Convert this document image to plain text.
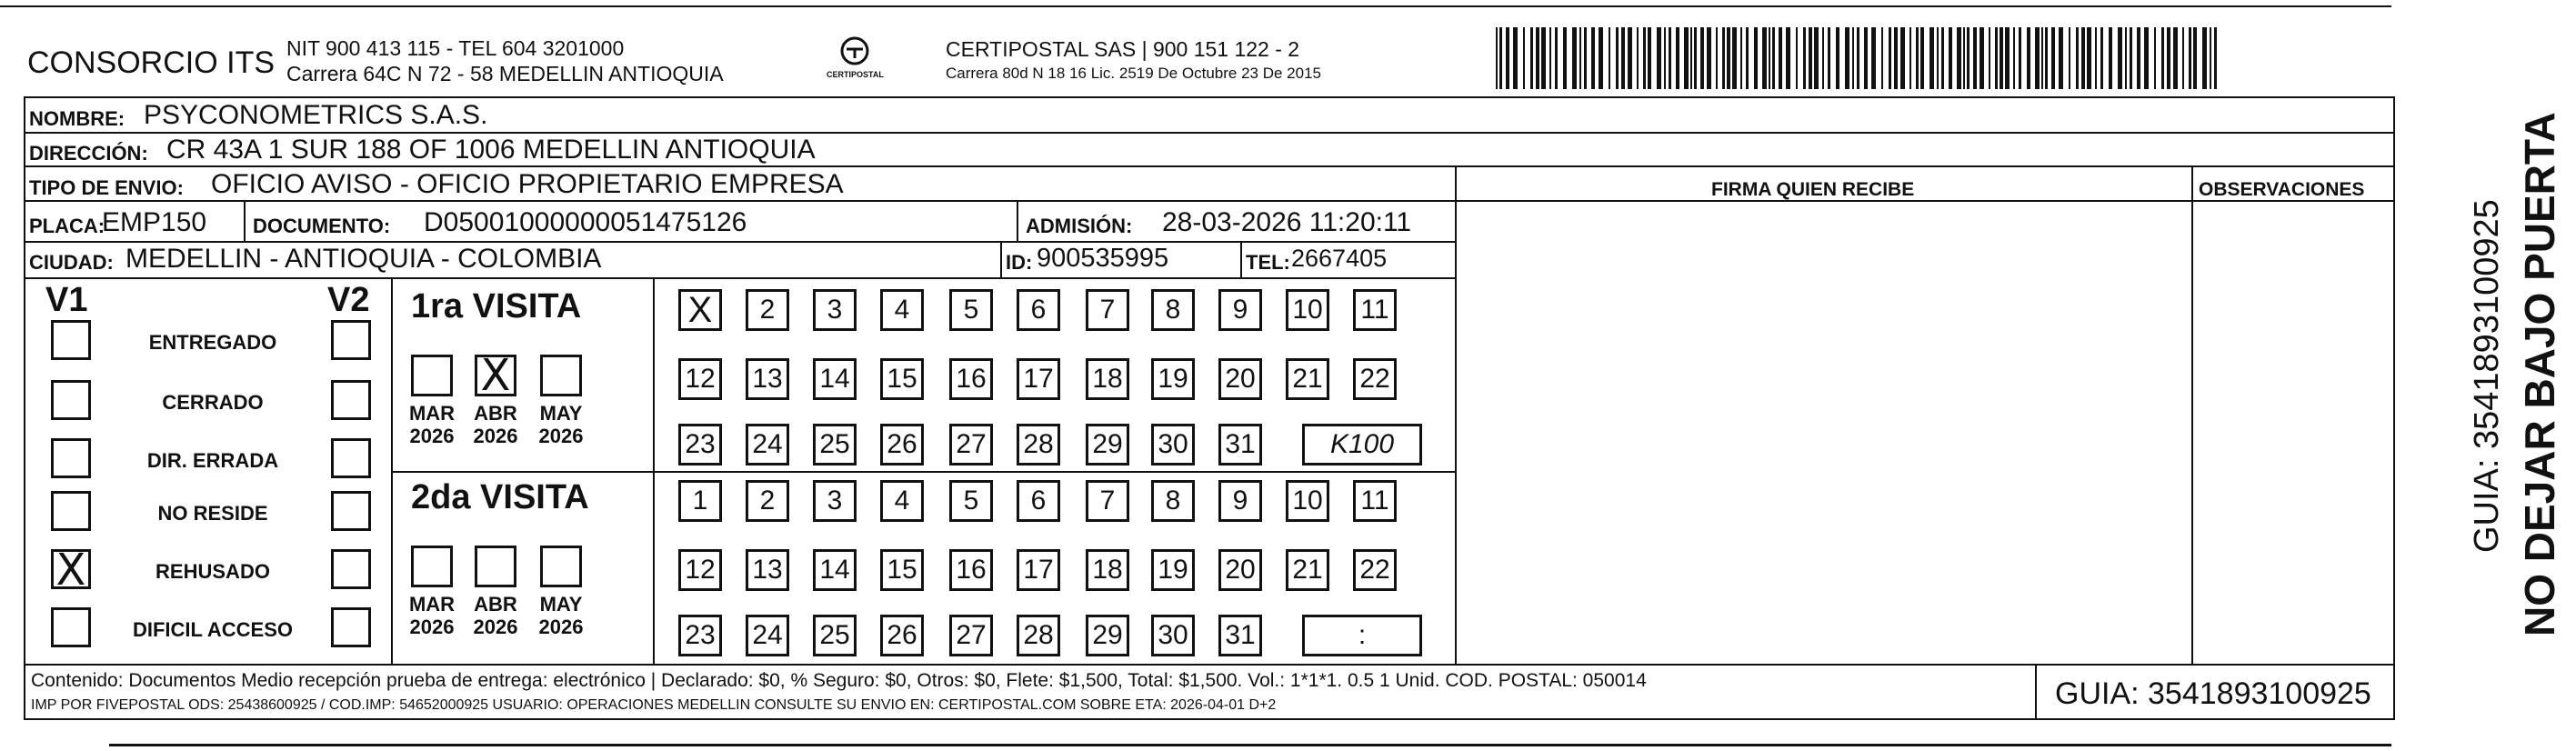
CONSORCIO ITS NIT 900 413 115 - TEL 604 3201000
Carrera 64C N 72 - 58 MEDELLIN ANTIOQUIA	CERTIPOSTAL
CERTIPOSTAL SAS | 900 151 122 - 2
Carrera 80d N 18 16 Lic. 2519 De Octubre 23 De 2015
NOMBRE: PSYCONOMETRICS S.A.S.
DIRECCIÓN: CR 43A 1 SUR 188 OF 1006 MEDELLIN ANTIOQUIA
TIPO DE ENVIO: OFICIO AVISO - OFICIO PROPIETARIO EMPRESA	FIRMA QUIEN RECIBE	OBSERVACIONES
PLACA:
EMP150 DOCUMENTO: D05001000000051475126	ADMISIÓN: 28-03-2026 11:20:11
CIUDAD: MEDELLIN - ANTIOQUIA - COLOMBIA	ID: 900535995	TEL: 2667405
V1	V2
ENTREGADO
CERRADO
DIR. ERRADA
NO RESIDE
X	REHUSADO
DIFICIL ACCESO
1ra VISITA
2da VISITA
MAR
2026
X
ABR
2026
MAY
2026
X	2	3	4	5	6	7	8	9	10 11
12 13 14 15 16 17 18 19 20 21 22
23 24 25 26 27 28 29 30 31	K100
MAR
2026
ABR
2026
MAY
2026
1	2	3	4	5	6	7	8	9	10 11
12 13 14 15 16 17 18 19 20 21 22
23 24 25 26 27 28 29 30 31	:
Contenido: Documentos Medio recepción prueba de entrega: electrónico | Declarado: $0, % Seguro: $0, Otros: $0, Flete: $1,500, Total: $1,500. Vol.: 1*1*1. 0.5 1 Unid. COD. POSTAL: 050014
IMP POR FIVEPOSTAL ODS: 25438600925 / COD.IMP: 54652000925 USUARIO: OPERACIONES MEDELLIN CONSULTE SU ENVIO EN: CERTIPOSTAL.COM SOBRE ETA: 2026-04-01 D+2	GUIA: 3541893100925
NO DEJAR BAJO PUERTA
GUIA: 3541893100925
